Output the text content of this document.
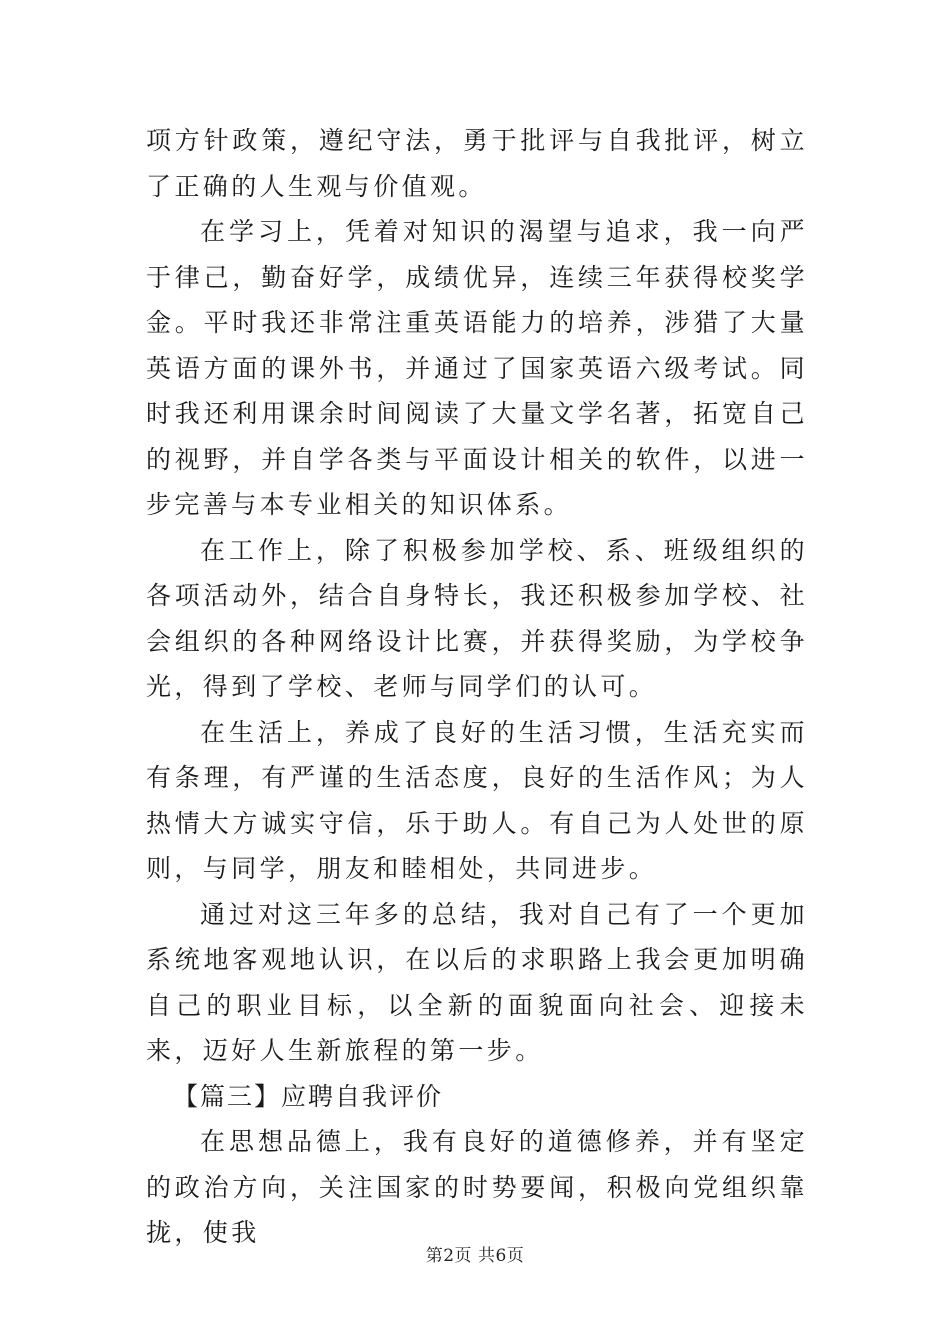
项方针政策，遵纪守法，勇于批评与自我批评，树立了正确的人生观与价值观。

在学习上，凭着对知识的渴望与追求，我一向严于律己，勤奋好学，成绩优异，连续三年获得校奖学金。平时我还非常注重英语能力的培养，涉猎了大量英语方面的课外书，并通过了国家英语六级考试。同时我还利用课余时间阅读了大量文学名著，拓宽自己的视野，并自学各类与平面设计相关的软件，以进一步完善与本专业相关的知识体系。

在工作上，除了积极参加学校、系、班级组织的各项活动外，结合自身特长，我还积极参加学校、社会组织的各种网络设计比赛，并获得奖励，为学校争光，得到了学校、老师与同学们的认可。

在生活上，养成了良好的生活习惯，生活充实而有条理，有严谨的生活态度，良好的生活作风；为人热情大方诚实守信，乐于助人。有自己为人处世的原则，与同学，朋友和睦相处，共同进步。

通过对这三年多的总结，我对自己有了一个更加系统地客观地认识，在以后的求职路上我会更加明确自己的职业目标，以全新的面貌面向社会、迎接未来，迈好人生新旅程的第一步。

【篇三】应聘自我评价

在思想品德上，我有良好的道德修养，并有坚定的政治方向，关注国家的时势要闻，积极向党组织靠拢，使我

第2页 共6页
